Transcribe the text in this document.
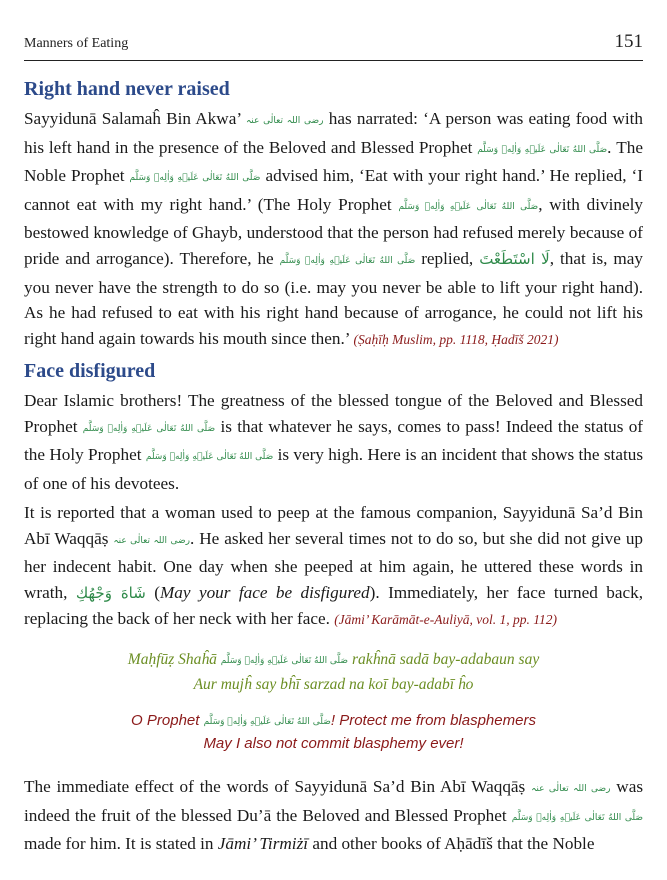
Manners of Eating	151
Right hand never raised

Sayyidunā Salamaĥ Bin Akwa’ رضی اللہ تعالٰی عنہ has narrated: ‘A person was eating food with his left hand in the presence of the Beloved and Blessed Prophet صَلَّی اللهُ تَعَالٰی عَلَیۡهِ وَاٰلِهٖ وَسَلَّم. The Noble Prophet صَلَّی اللهُ تَعَالٰی عَلَیۡهِ وَاٰلِهٖ وَسَلَّم advised him, ‘Eat with your right hand.’ He replied, ‘I cannot eat with my right hand.’ (The Holy Prophet صَلَّی اللهُ تَعَالٰی عَلَیۡهِ وَاٰلِهٖ وَسَلَّم, with divinely bestowed knowledge of Ghayb, understood that the person had refused merely because of pride and arrogance). Therefore, he صَلَّی اللهُ تَعَالٰی عَلَیۡهِ وَاٰلِهٖ وَسَلَّم replied, لَا اسْتَطَعْتَ, that is, may you never have the strength to do so (i.e. may you never be able to lift your right hand). As he had refused to eat with his right hand because of arrogance, he could not lift his right hand again towards his mouth since then.’ (Ṣaḥīḥ Muslim, pp. 1118, Ḥadīš 2021)

Face disfigured

Dear Islamic brothers! The greatness of the blessed tongue of the Beloved and Blessed Prophet صَلَّی اللهُ تَعَالٰی عَلَیۡهِ وَاٰلِهٖ وَسَلَّم is that whatever he says, comes to pass! Indeed the status of the Holy Prophet صَلَّی اللهُ تَعَالٰی عَلَیۡهِ وَاٰلِهٖ وَسَلَّم is very high. Here is an incident that shows the status of one of his devotees.

It is reported that a woman used to peep at the famous companion, Sayyidunā Sa’d Bin Abī Waqqāṣ رضی اللہ تعالٰی عنہ. He asked her several times not to do so, but she did not give up her indecent habit. One day when she peeped at him again, he uttered these words in wrath, شَاهَ وَجْهُكِ (May your face be disfigured). Immediately, her face turned back, replacing the back of her neck with her face. (Jāmi’ Karāmāt-e-Auliyā, vol. 1, pp. 112)

Maḥfūẓ Shaĥā صَلَّی اللهُ تَعَالٰی عَلَیۡهِ وَاٰلِهٖ وَسَلَّم rakĥnā sadā bay-adabaun say
Aur mujĥ say bĥī sarzad na koī bay-adabī ĥo
O Prophet صَلَّی اللهُ تَعَالٰی عَلَیۡهِ وَاٰلِهٖ وَسَلَّم! Protect me from blasphemers
May I also not commit blasphemy ever!

The immediate effect of the words of Sayyidunā Sa’d Bin Abī Waqqāṣ رضی اللہ تعالٰی عنہ was indeed the fruit of the blessed Du’ā the Beloved and Blessed Prophet صَلَّی اللهُ تَعَالٰی عَلَیۡهِ وَاٰلِهٖ وَسَلَّم made for him. It is stated in Jāmi’ Tirmiżī and other books of Aḥādīš that the Noble
